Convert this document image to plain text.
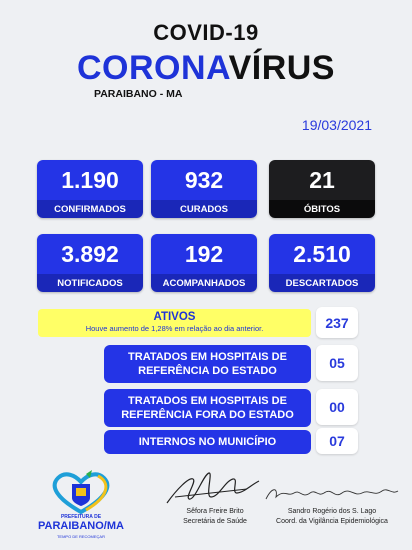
COVID-19
CORONAVÍRUS
PARAIBANO - MA
19/03/2021
1.190
CONFIRMADOS
932
CURADOS
21
ÓBITOS
3.892
NOTIFICADOS
192
ACOMPANHADOS
2.510
DESCARTADOS
ATIVOS
Houve aumento de 1,28% em relação ao dia anterior.	237
TRATADOS EM HOSPITAIS DE REFERÊNCIA DO ESTADO	05
TRATADOS EM HOSPITAIS DE REFERÊNCIA FORA DO ESTADO	00
INTERNOS NO MUNICÍPIO	07
PREFEITURA DE
PARAIBANO/MA
TEMPO DE RECOMEÇAR
Sêfora Freire Brito
Secretária de Saúde
Sandro Rogério dos S. Lago
Coord. da Vigilância Epidemiológica
